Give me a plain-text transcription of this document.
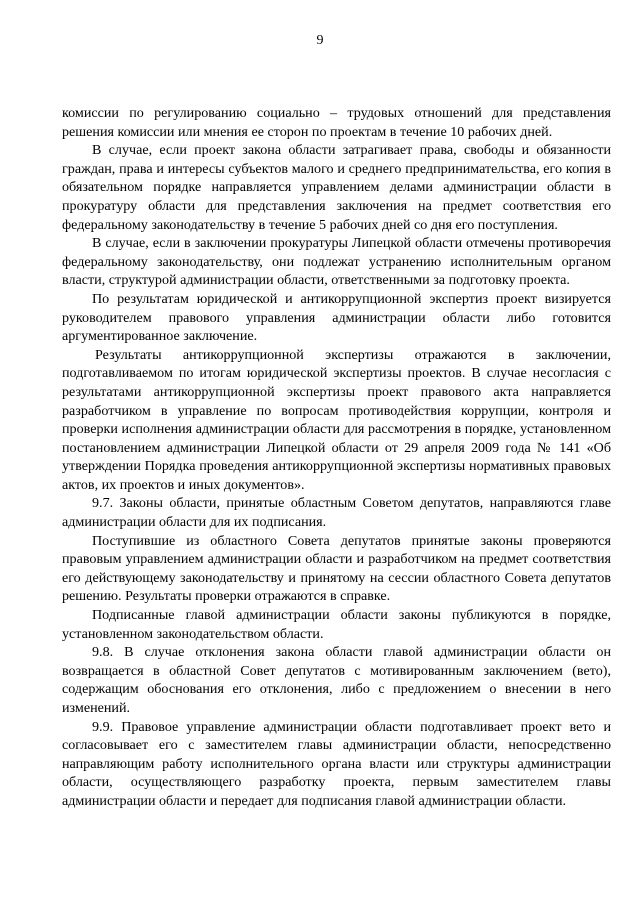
9

комиссии по регулированию социально – трудовых отношений для представления решения комиссии или мнения ее сторон по проектам в течение 10 рабочих дней.

В случае, если проект закона области затрагивает права, свободы и обязанности граждан, права и интересы субъектов малого и среднего предпринимательства, его копия в обязательном порядке направляется управлением делами администрации области в прокуратуру области для представления заключения на предмет соответствия его федеральному законодательству в течение 5 рабочих дней со дня его поступления.

В случае, если в заключении прокуратуры Липецкой области отмечены противоречия федеральному законодательству, они подлежат устранению исполнительным органом власти, структурой администрации области, ответственными за подготовку проекта.

По результатам юридической и антикоррупционной экспертиз проект визируется руководителем правового управления администрации области либо готовится аргументированное заключение.

Результаты антикоррупционной экспертизы отражаются в заключении, подготавливаемом по итогам юридической экспертизы проектов. В случае несогласия с результатами антикоррупционной экспертизы проект правового акта направляется разработчиком в управление по вопросам противодействия коррупции, контроля и проверки исполнения администрации области для рассмотрения в порядке, установленном постановлением администрации Липецкой области от 29 апреля 2009 года № 141 «Об утверждении Порядка проведения антикоррупционной экспертизы нормативных правовых актов, их проектов и иных документов».

9.7. Законы области, принятые областным Советом депутатов, направляются главе администрации области для их подписания.

Поступившие из областного Совета депутатов принятые законы проверяются правовым управлением администрации области и разработчиком на предмет соответствия его действующему законодательству и принятому на сессии областного Совета депутатов решению. Результаты проверки отражаются в справке.

Подписанные главой администрации области законы публикуются в порядке, установленном законодательством области.

9.8. В случае отклонения закона области главой администрации области он возвращается в областной Совет депутатов с мотивированным заключением (вето), содержащим обоснования его отклонения, либо с предложением о внесении в него изменений.

9.9. Правовое управление администрации области подготавливает проект вето и согласовывает его с заместителем главы администрации области, непосредственно направляющим работу исполнительного органа власти или структуры администрации области, осуществляющего разработку проекта, первым заместителем главы администрации области и передает для подписания главой администрации области.
